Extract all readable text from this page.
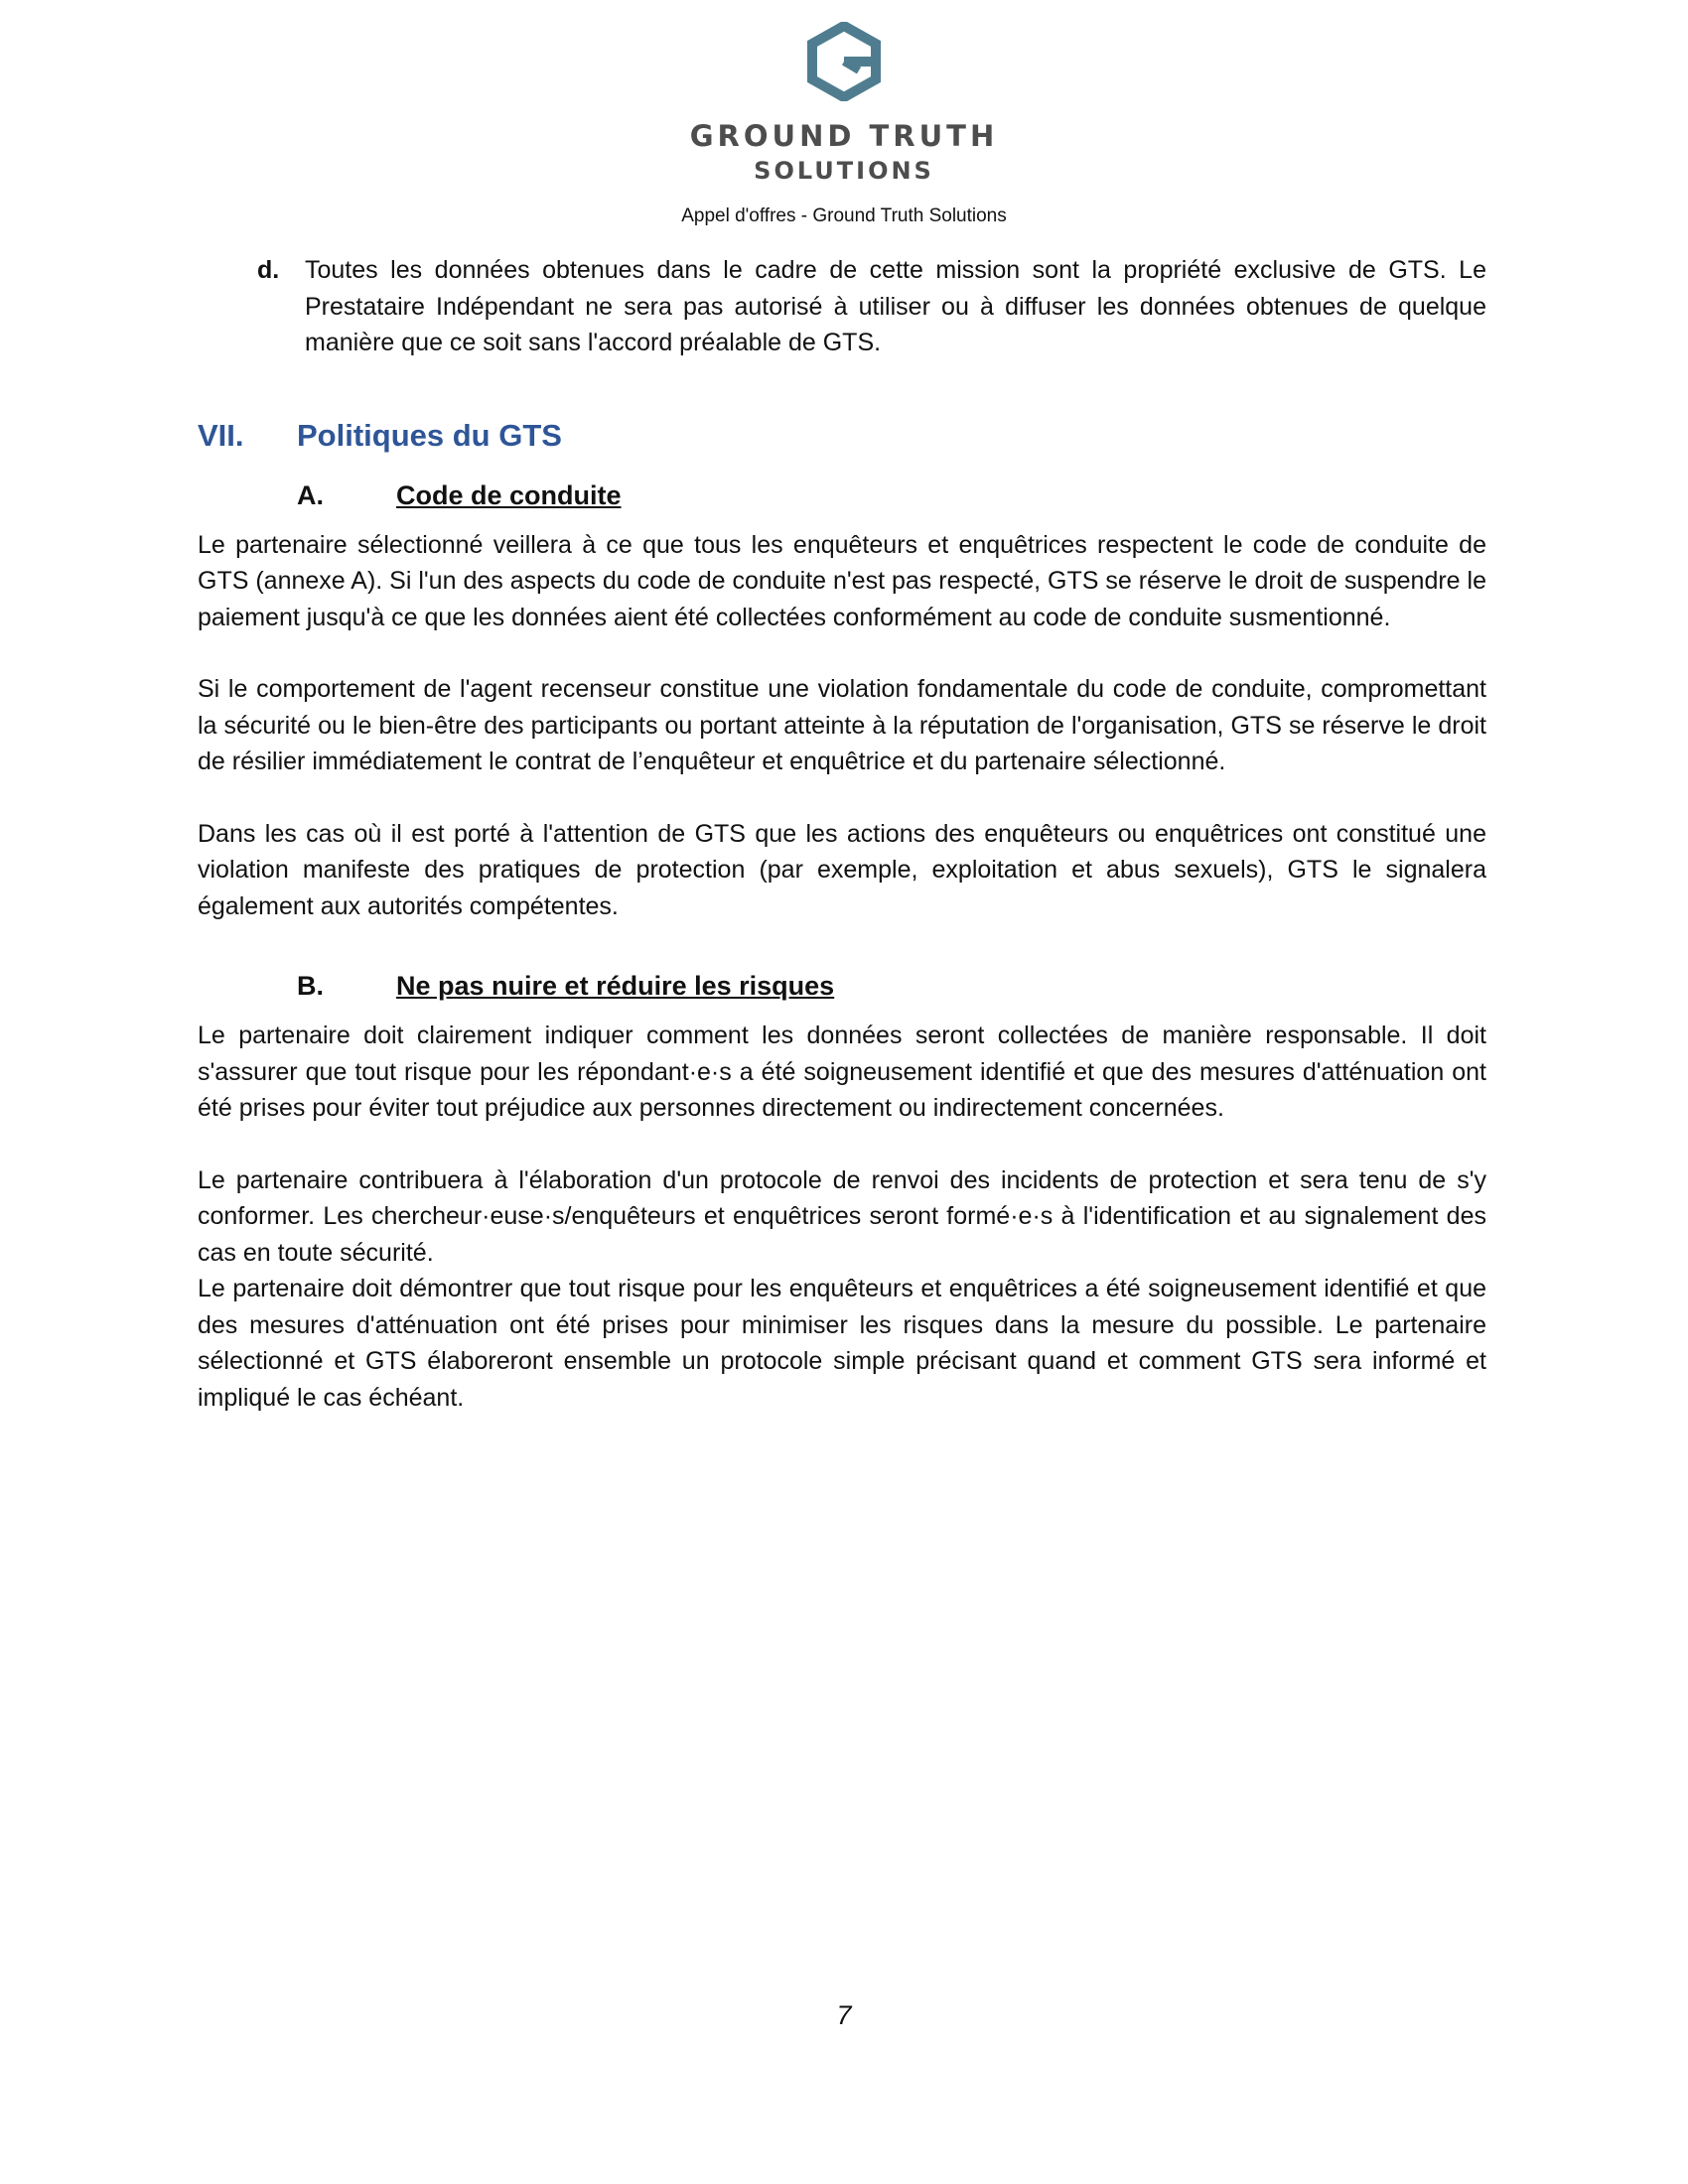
GROUND TRUTH
SOLUTIONS
Appel d'offres - Ground Truth Solutions
d.	Toutes les données obtenues dans le cadre de cette mission sont la propriété exclusive de GTS. Le Prestataire Indépendant ne sera pas autorisé à utiliser ou à diffuser les données obtenues de quelque manière que ce soit sans l'accord préalable de GTS.
VII.	Politiques du GTS
A.	Code de conduite

Le partenaire sélectionné veillera à ce que tous les enquêteurs et enquêtrices respectent le code de conduite de GTS (annexe A). Si l'un des aspects du code de conduite n'est pas respecté, GTS se réserve le droit de suspendre le paiement jusqu'à ce que les données aient été collectées conformément au code de conduite susmentionné.

Si le comportement de l'agent recenseur constitue une violation fondamentale du code de conduite, compromettant la sécurité ou le bien-être des participants ou portant atteinte à la réputation de l'organisation, GTS se réserve le droit de résilier immédiatement le contrat de l’enquêteur et enquêtrice et du partenaire sélectionné.

Dans les cas où il est porté à l'attention de GTS que les actions des enquêteurs ou enquêtrices ont constitué une violation manifeste des pratiques de protection (par exemple, exploitation et abus sexuels), GTS le signalera également aux autorités compétentes.

B.	Ne pas nuire et réduire les risques

Le partenaire doit clairement indiquer comment les données seront collectées de manière responsable. Il doit s'assurer que tout risque pour les répondant·e·s a été soigneusement identifié et que des mesures d'atténuation ont été prises pour éviter tout préjudice aux personnes directement ou indirectement concernées.

Le partenaire contribuera à l'élaboration d'un protocole de renvoi des incidents de protection et sera tenu de s'y conformer. Les chercheur·euse·s/enquêteurs et enquêtrices seront formé·e·s à l'identification et au signalement des cas en toute sécurité.

Le partenaire doit démontrer que tout risque pour les enquêteurs et enquêtrices a été soigneusement identifié et que des mesures d'atténuation ont été prises pour minimiser les risques dans la mesure du possible. Le partenaire sélectionné et GTS élaboreront ensemble un protocole simple précisant quand et comment GTS sera informé et impliqué le cas échéant.

7
